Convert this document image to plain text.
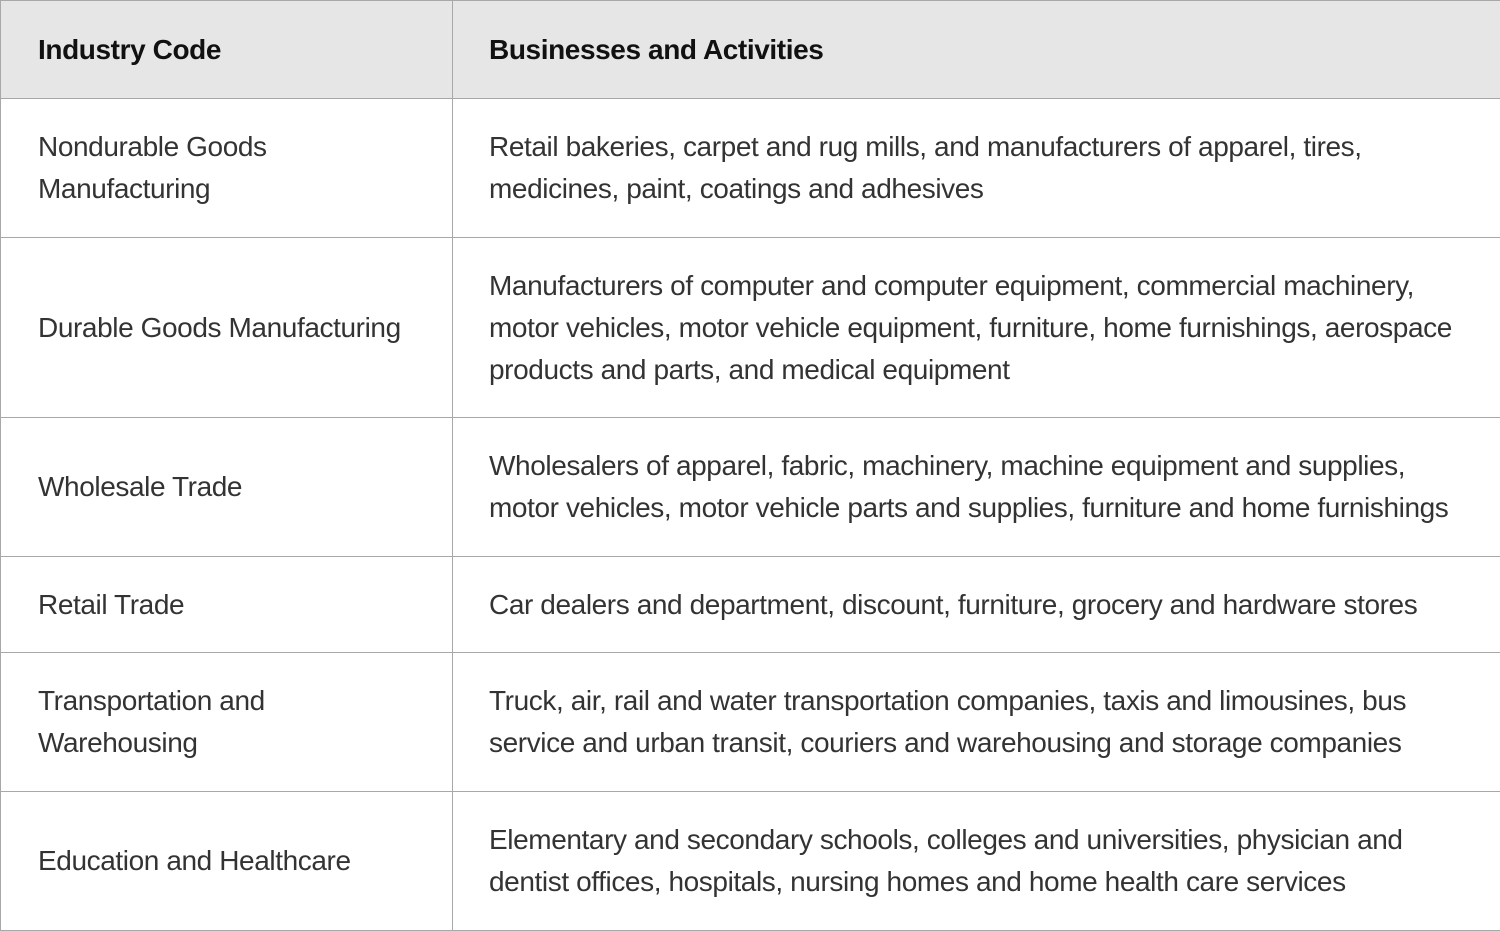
Industry Code	Businesses and Activities
Nondurable Goods Manufacturing	Retail bakeries, carpet and rug mills, and manufacturers of apparel, tires, medicines, paint, coatings and adhesives
Durable Goods Manufacturing	Manufacturers of computer and computer equipment, commercial machinery, motor vehicles, motor vehicle equipment, furniture, home furnishings, aerospace products and parts, and medical equipment
Wholesale Trade	Wholesalers of apparel, fabric, machinery, machine equipment and supplies, motor vehicles, motor vehicle parts and supplies, furniture and home furnishings
Retail Trade	Car dealers and department, discount, furniture, grocery and hardware stores
Transportation and Warehousing	Truck, air, rail and water transportation companies, taxis and limousines, bus service and urban transit, couriers and warehousing and storage companies
Education and Healthcare	Elementary and secondary schools, colleges and universities, physician and dentist offices, hospitals, nursing homes and home health care services
